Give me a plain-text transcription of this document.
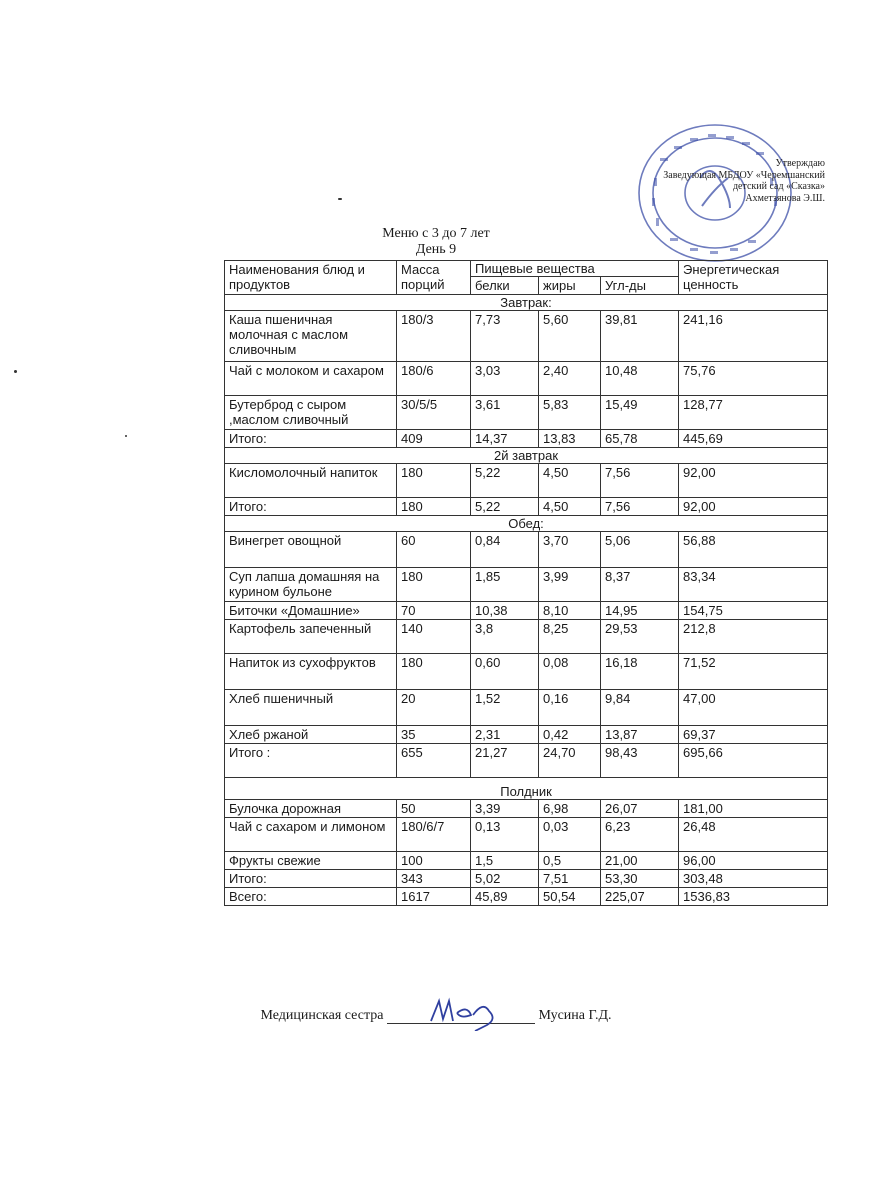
Утверждаю
Заведующая МБДОУ «Черемшанский
детский сад «Сказка»
Ахметзянова Э.Ш.
Меню с 3 до 7 лет
День 9
Наименования блюд и продуктов	Масса порций	Пищевые вещества			Энергетическая ценность
		белки	жиры	Угл-ды	
Завтрак:					
Каша пшеничная молочная с маслом сливочным	180/3	7,73	5,60	39,81	241,16
Чай с молоком и сахаром	180/6	3,03	2,40	10,48	75,76
Бутерброд с сыром ,маслом сливочный	30/5/5	3,61	5,83	15,49	128,77
Итого:	409	14,37	13,83	65,78	445,69
2й завтрак					
Кисломолочный напиток	180	5,22	4,50	7,56	92,00
Итого:	180	5,22	4,50	7,56	92,00
Обед:					
Винегрет овощной	60	0,84	3,70	5,06	56,88
Суп лапша домашняя на курином бульоне	180	1,85	3,99	8,37	83,34
Биточки «Домашние»	70	10,38	8,10	14,95	154,75
Картофель запеченный	140	3,8	8,25	29,53	212,8
Напиток из сухофруктов	180	0,60	0,08	16,18	71,52
Хлеб пшеничный	20	1,52	0,16	9,84	47,00
Хлеб ржаной	35	2,31	0,42	13,87	69,37
Итого :	655	21,27	24,70	98,43	695,66
Полдник					
Булочка дорожная	50	3,39	6,98	26,07	181,00
Чай с сахаром и лимоном	180/6/7	0,13	0,03	6,23	26,48
Фрукты свежие	100	1,5	0,5	21,00	96,00
Итого:	343	5,02	7,51	53,30	303,48
Всего:	1617	45,89	50,54	225,07	1536,83
Медицинская сестра	Мусина Г.Д.
